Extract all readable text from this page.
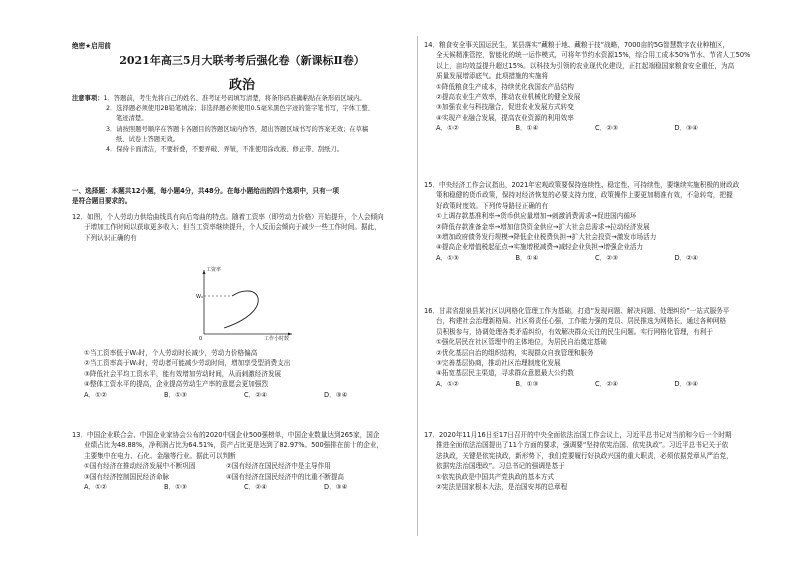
绝密★启用前
2021年高三5月大联考考后强化卷（新课标Ⅱ卷）
政治
注意事项： 1．答题前，考生先将自己的姓名、准考证号码填写清楚，将条形码准确粘贴在条形码区域内。
2．选择题必须使用2B铅笔填涂；非选择题必须使用0.5毫米黑色字迹的签字笔书写，字体工整、
笔迹清楚。
3．请按照题号顺序在答题卡各题目的答题区域内作答，超出答题区域书写的答案无效；在草稿
纸、试卷上答题无效。
4．保持卡面清洁，不要折叠，不要弄破、弄皱，不准使用涂改液、修正带、刮纸刀。
一、选择题：本题共12小题，每小题4分，共48分。在每小题给出的四个选项中，只有一项
是符合题目要求的。

12．如图，个人劳动力供给曲线具有向后弯曲的特点。随着工资率（即劳动力价格）开始提升，个人会倾向

于增加工作时间以获取更多收入；但当工资率继续提升，个人反而会倾向于减少一些工作时间。据此，

下列认识正确的有

工资率
W₀
0	工作小时数

①当工资率低于W₀时，个人劳动时长减少，劳动力价格偏高

②当工资率高于W₀时，劳动者可能减少劳动时间，增加享受型消费支出

③降低社会平均工资水平，能有效增加劳动时间，从而刺激经济发展

④整体工资水平的提高，企业提高劳动生产率的意愿会更加强烈

A．①②	B．①③	C．②④	D．③④

13．中国企业联合会、中国企业家协会公布的2020中国企业500强榜单，中国企业数量达到265家，国企

业绩占比为48.88%，净利润占比为64.51%，资产占比更是达到了82.97%。500强排在前十的企业，

主要集中在电力、石化、金融等行业。据此可以判断

①国有经济在推动经济发展中不断巩固	②国有经济在国民经济中是主导作用
③国有经济控制国民经济命脉	④国有经济在国民经济中的比重不断提高
A．①②	B．①③	C．②④	D．③④

14．粮食安全事关国运民生，某县落实“藏粮于地、藏粮于技”战略，7000亩的5G智慧数字农业种植区，

全天候精准管控，智能化的统一运作模式，可将年节约水资源15%，综合用工成本50%节水、节省人工50%

以上，亩均效益提升超过15%。以科技为引领的农业现代化建设，正扛起端稳国家粮食安全重任，为高

质量发展增添底气。此项措施的实施将

①降低粮食生产成本，持续优化我国农产品结构

②提高农业生产效率，推动农业机械化的健全发展

③加强农业与科技融合，促进农业发展方式转变

④实现产业融合发展，提高农业资源的利用效率

A．①②	B．①④	C．②③	D．③④

15．中央经济工作会议指出，2021年宏观政策要保持连续性、稳定性、可持续性，要继续实施积极的财政政

策和稳健的货币政策，保持对经济恢复的必要支持力度，政策操作上要更加精准有效，不急转弯，把握

好政策时度效。下列传导路径正确的有

①上调存款基准利率→货币供应量增加→刺激消费需求→促进国内循环

②降低存款准备金率→增加信贷资金供应→扩大社会总需求→拉动经济发展

③增加政府债务发行规模→降低企业税费负担→扩大社会投资→激发市场活力

④提高企业增值税起征点→实施增税减费→减轻企业负担→增强企业活力

A．①③	B．①④	C．②③	D．②④

16．甘肃省甜泉县某社区以网格化管理工作为基础，打造“发现问题、解决问题、处理纠纷”一站式服务平

台，构建社会治理新格局。社区将责任心强，工作能力强的党员、居民推选为网格长，通过各种网格

员积极参与，协调处理各类矛盾纠纷，有效解决群众关注的民生问题。实行网格化管理，有利于

①强化居民在社区管理中的主体地位，为居民自治奠定基础

②优化基层自治的组织结构，实现群众自我管理和服务

③完善基层协商，推动社区治理制度化发展

④拓宽基层民主渠道，寻求群众意愿最大公约数

A．①②	B．①③	C．②④	D．③④

17．2020年11月16日至17日召开的中央全面依法治国工作会议上，习近平总书记对当前和今后一个时期

推进全面依法治国提出了11个方面的要求，强调要“坚持依宪治国、依宪执政”。习近平总书记关于依

法执政，关键是依宪执政，新形势下，我们党要履行好执政兴国的重大职责，必须依据党章从严治党，

依据宪法治国理政”。习总书记的强调是基于

①依宪执政是中国共产党执政的基本方式

②宪法是国家根本大法，是治国安邦的总章程
